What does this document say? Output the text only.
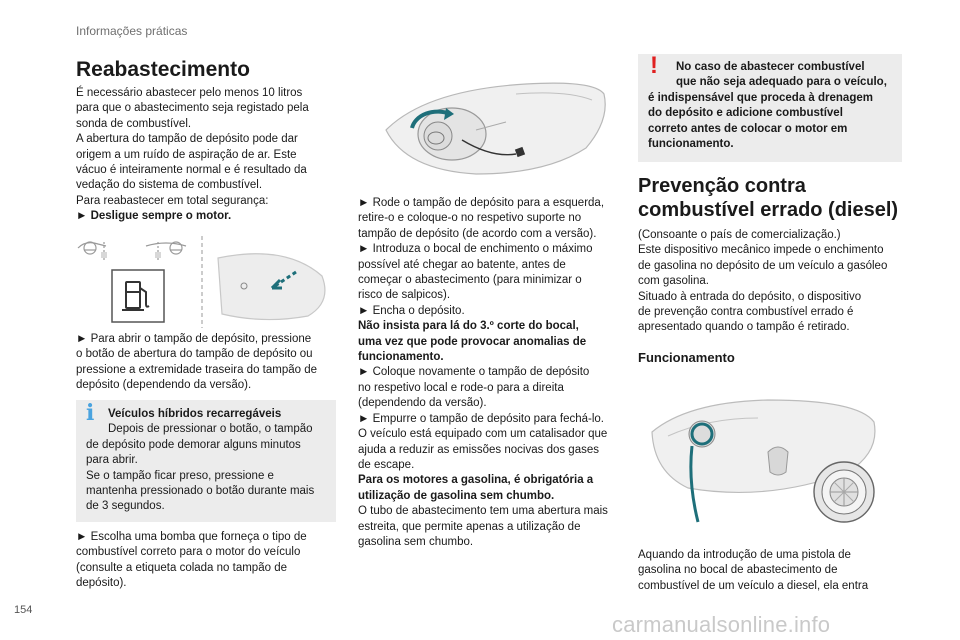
Informações práticas
Reabastecimento

É necessário abastecer pelo menos 10 litros

para que o abastecimento seja registado pela

sonda de combustível.

A abertura do tampão de depósito pode dar

origem a um ruído de aspiração de ar. Este

vácuo é inteiramente normal e é resultado da

vedação do sistema de combustível.

Para reabastecer em total segurança:

► Desligue sempre o motor.

► Para abrir o tampão de depósito, pressione

o botão de abertura do tampão de depósito ou

pressione a extremidade traseira do tampão de

depósito (dependendo da versão).

i	Veículos híbridos recarregáveis

Depois de pressionar o botão, o tampão

de depósito pode demorar alguns minutos

para abrir.

Se o tampão ficar preso, pressione e

mantenha pressionado o botão durante mais

de 3 segundos.

► Escolha uma bomba que forneça o tipo de

combustível correto para o motor do veículo

(consulte a etiqueta colada no tampão de

depósito).

► Rode o tampão de depósito para a esquerda,

retire-o e coloque-o no respetivo suporte no

tampão de depósito (de acordo com a versão).

► Introduza o bocal de enchimento o máximo

possível até chegar ao batente, antes de

começar o abastecimento (para minimizar o

risco de salpicos).

► Encha o depósito.

Não insista para lá do 3.º corte do bocal,

uma vez que pode provocar anomalias de

funcionamento.

► Coloque novamente o tampão de depósito

no respetivo local e rode-o para a direita

(dependendo da versão).

► Empurre o tampão de depósito para fechá-lo.

O veículo está equipado com um catalisador que

ajuda a reduzir as emissões nocivas dos gases

de escape.

Para os motores a gasolina, é obrigatória a

utilização de gasolina sem chumbo.

O tubo de abastecimento tem uma abertura mais

estreita, que permite apenas a utilização de

gasolina sem chumbo.

!	No caso de abastecer combustível

que não seja adequado para o veículo,

é indispensável que proceda à drenagem

do depósito e adicione combustível

correto antes de colocar o motor em

funcionamento.

Prevenção contra
combustível errado (diesel)

(Consoante o país de comercialização.)

Este dispositivo mecânico impede o enchimento

de gasolina no depósito de um veículo a gasóleo

com gasolina.

Situado à entrada do depósito, o dispositivo

de prevenção contra combustível errado é

apresentado quando o tampão é retirado.

Funcionamento

Aquando da introdução de uma pistola de

gasolina no bocal de abastecimento de

combustível de um veículo a diesel, ela entra

154
carmanualsonline.info
